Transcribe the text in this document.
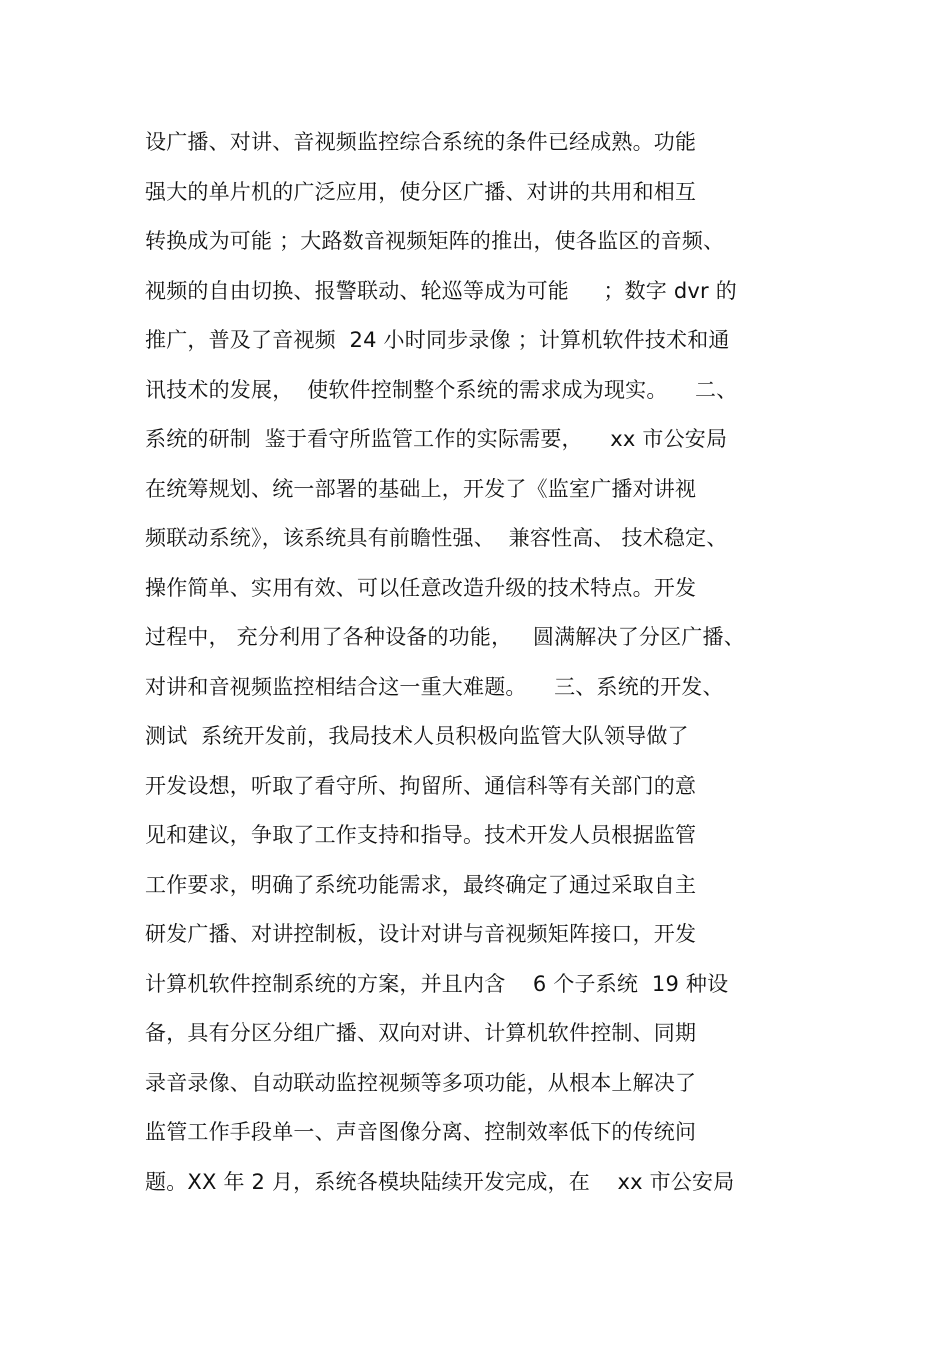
设广播、对讲、音视频监控综合系统的条件已经成熟。功能
强大的单片机的广泛应用，使分区广播、对讲的共用和相互
转换成为可能 ；大路数音视频矩阵的推出，使各监区的音频、
视频的自由切换、报警联动、轮巡等成为可能     ；数字 dvr 的
推广，普及了音视频  24 小时同步录像 ；计算机软件技术和通
讯技术的发展，  使软件控制整个系统的需求成为现实。    二、
系统的研制  鉴于看守所监管工作的实际需要，    xx 市公安局
在统筹规划、统一部署的基础上，开发了《监室广播对讲视
频联动系统》，该系统具有前瞻性强、  兼容性高、 技术稳定、
操作简单、实用有效、可以任意改造升级的技术特点。开发
过程中， 充分利用了各种设备的功能，   圆满解决了分区广播、
对讲和音视频监控相结合这一重大难题。    三、系统的开发、
测试  系统开发前，我局技术人员积极向监管大队领导做了
开发设想，听取了看守所、拘留所、通信科等有关部门的意
见和建议，争取了工作支持和指导。技术开发人员根据监管
工作要求，明确了系统功能需求，最终确定了通过采取自主
研发广播、对讲控制板，设计对讲与音视频矩阵接口，开发
计算机软件控制系统的方案，并且内含    6 个子系统  19 种设
备，具有分区分组广播、双向对讲、计算机软件控制、同期
录音录像、自动联动监控视频等多项功能，从根本上解决了
监管工作手段单一、声音图像分离、控制效率低下的传统问
题。XX 年 2 月，系统各模块陆续开发完成，在    xx 市公安局
